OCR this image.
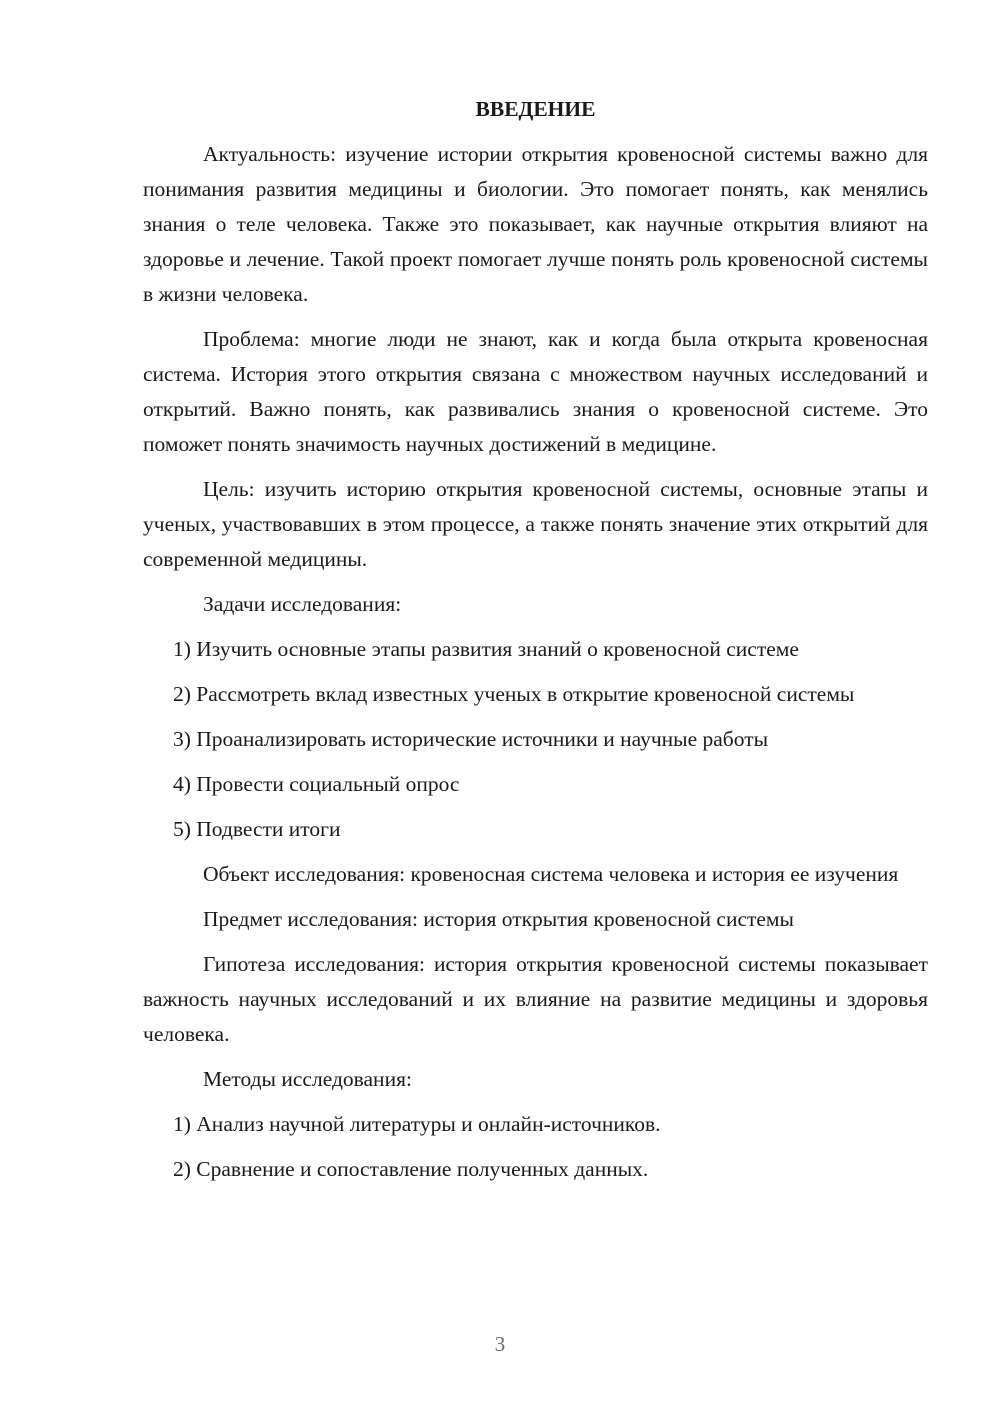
ВВЕДЕНИЕ

Актуальность: изучение истории открытия кровеносной системы важно для понимания развития медицины и биологии. Это помогает понять, как менялись знания о теле человека. Также это показывает, как научные открытия влияют на здоровье и лечение. Такой проект помогает лучше понять роль кровеносной системы в жизни человека.

Проблема: многие люди не знают, как и когда была открыта кровеносная система. История этого открытия связана с множеством научных исследований и открытий. Важно понять, как развивались знания о кровеносной системе. Это поможет понять значимость научных достижений в медицине.

Цель: изучить историю открытия кровеносной системы, основные этапы и ученых, участвовавших в этом процессе, а также понять значение этих открытий для современной медицины.

Задачи исследования:

1) Изучить основные этапы развития знаний о кровеносной системе

2) Рассмотреть вклад известных ученых в открытие кровеносной системы

3) Проанализировать исторические источники и научные работы

4) Провести социальный опрос

5) Подвести итоги

Объект исследования: кровеносная система человека и история ее изучения

Предмет исследования: история открытия кровеносной системы

Гипотеза исследования: история открытия кровеносной системы показывает важность научных исследований и их влияние на развитие медицины и здоровья человека.

Методы исследования:

1) Анализ научной литературы и онлайн-источников.

2) Сравнение и сопоставление полученных данных.

3
